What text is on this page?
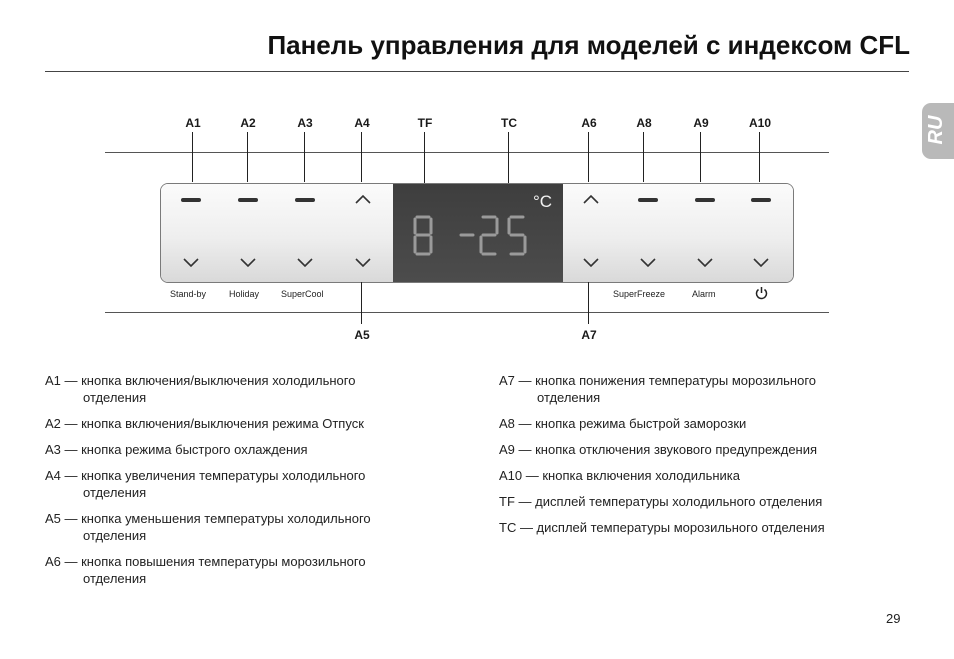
Панель управления для моделей с индексом CFL
RU
A1	A2	A3	A4	TF	TC	A6	A8	A9	A10
°C
Stand-by	Holiday SuperCool	SuperFreeze	Alarm
A5	A7
A1 — кнопка включения/выключения холодильного
отделения
A2 — кнопка включения/выключения режима Отпуск
A3 — кнопка режима быстрого охлаждения
A4 — кнопка увеличения температуры холодильного
отделения
A5 — кнопка уменьшения температуры холодильного
отделения
A6 — кнопка повышения температуры морозильного
отделения
A7 — кнопка понижения температуры морозильного
отделения
A8 — кнопка режима быстрой заморозки
A9 — кнопка отключения звукового предупреждения
A10 — кнопка включения холодильника
TF — дисплей температуры холодильного отделения
TC — дисплей температуры морозильного отделения
29
